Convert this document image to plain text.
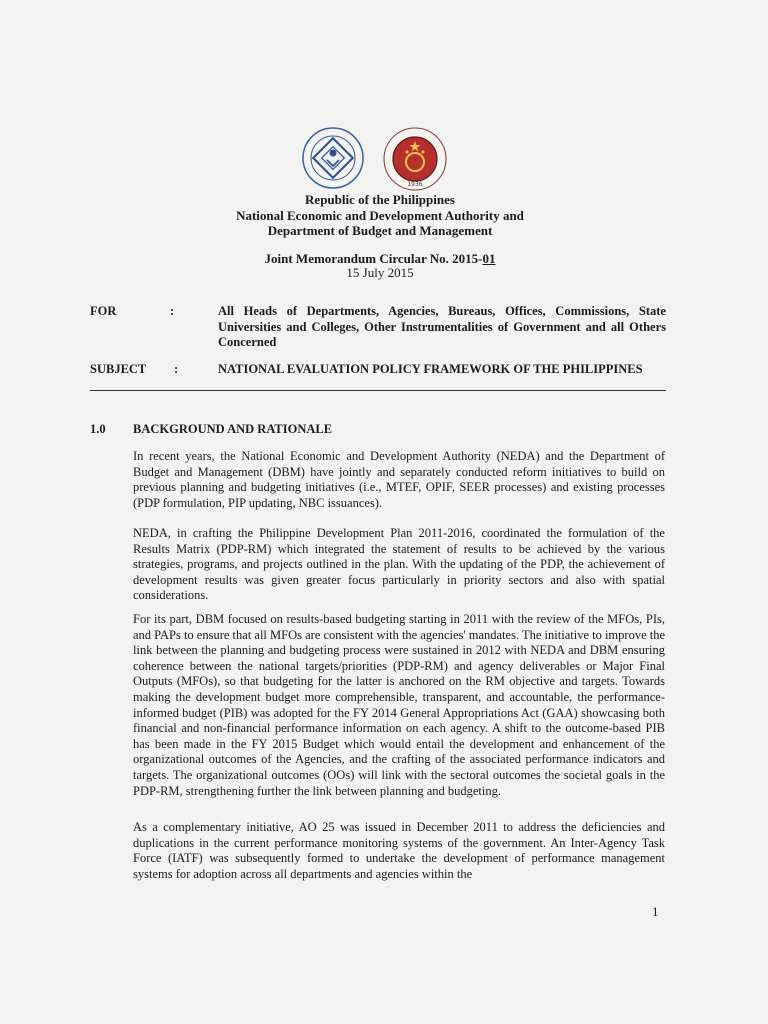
1936
Republic of the Philippines
National Economic and Development Authority and
Department of Budget and Management
Joint Memorandum Circular No. 2015-01
15 July 2015
FOR	:	All Heads of Departments, Agencies, Bureaus, Offices, Commissions, State Universities and Colleges, Other Instrumentalities of Government and all Others Concerned
SUBJECT :	NATIONAL EVALUATION POLICY FRAMEWORK OF THE PHILIPPINES
1.0 BACKGROUND AND RATIONALE
In recent years, the National Economic and Development Authority (NEDA) and the Department of Budget and Management (DBM) have jointly and separately conducted reform initiatives to build on previous planning and budgeting initiatives (i.e., MTEF, OPIF, SEER processes) and existing processes (PDP formulation, PIP updating, NBC issuances).
NEDA, in crafting the Philippine Development Plan 2011-2016, coordinated the formulation of the Results Matrix (PDP-RM) which integrated the statement of results to be achieved by the various strategies, programs, and projects outlined in the plan. With the updating of the PDP, the achievement of development results was given greater focus particularly in priority sectors and also with spatial considerations.
For its part, DBM focused on results-based budgeting starting in 2011 with the review of the MFOs, PIs, and PAPs to ensure that all MFOs are consistent with the agencies' mandates. The initiative to improve the link between the planning and budgeting process were sustained in 2012 with NEDA and DBM ensuring coherence between the national targets/priorities (PDP-RM) and agency deliverables or Major Final Outputs (MFOs), so that budgeting for the latter is anchored on the RM objective and targets. Towards making the development budget more comprehensible, transparent, and accountable, the performance-informed budget (PIB) was adopted for the FY 2014 General Appropriations Act (GAA) showcasing both financial and non-financial performance information on each agency. A shift to the outcome-based PIB has been made in the FY 2015 Budget which would entail the development and enhancement of the organizational outcomes of the Agencies, and the crafting of the associated performance indicators and targets. The organizational outcomes (OOs) will link with the sectoral outcomes the societal goals in the PDP-RM, strengthening further the link between planning and budgeting.
As a complementary initiative, AO 25 was issued in December 2011 to address the deficiencies and duplications in the current performance monitoring systems of the government. An Inter-Agency Task Force (IATF) was subsequently formed to undertake the development of performance management systems for adoption across all departments and agencies within the
1
